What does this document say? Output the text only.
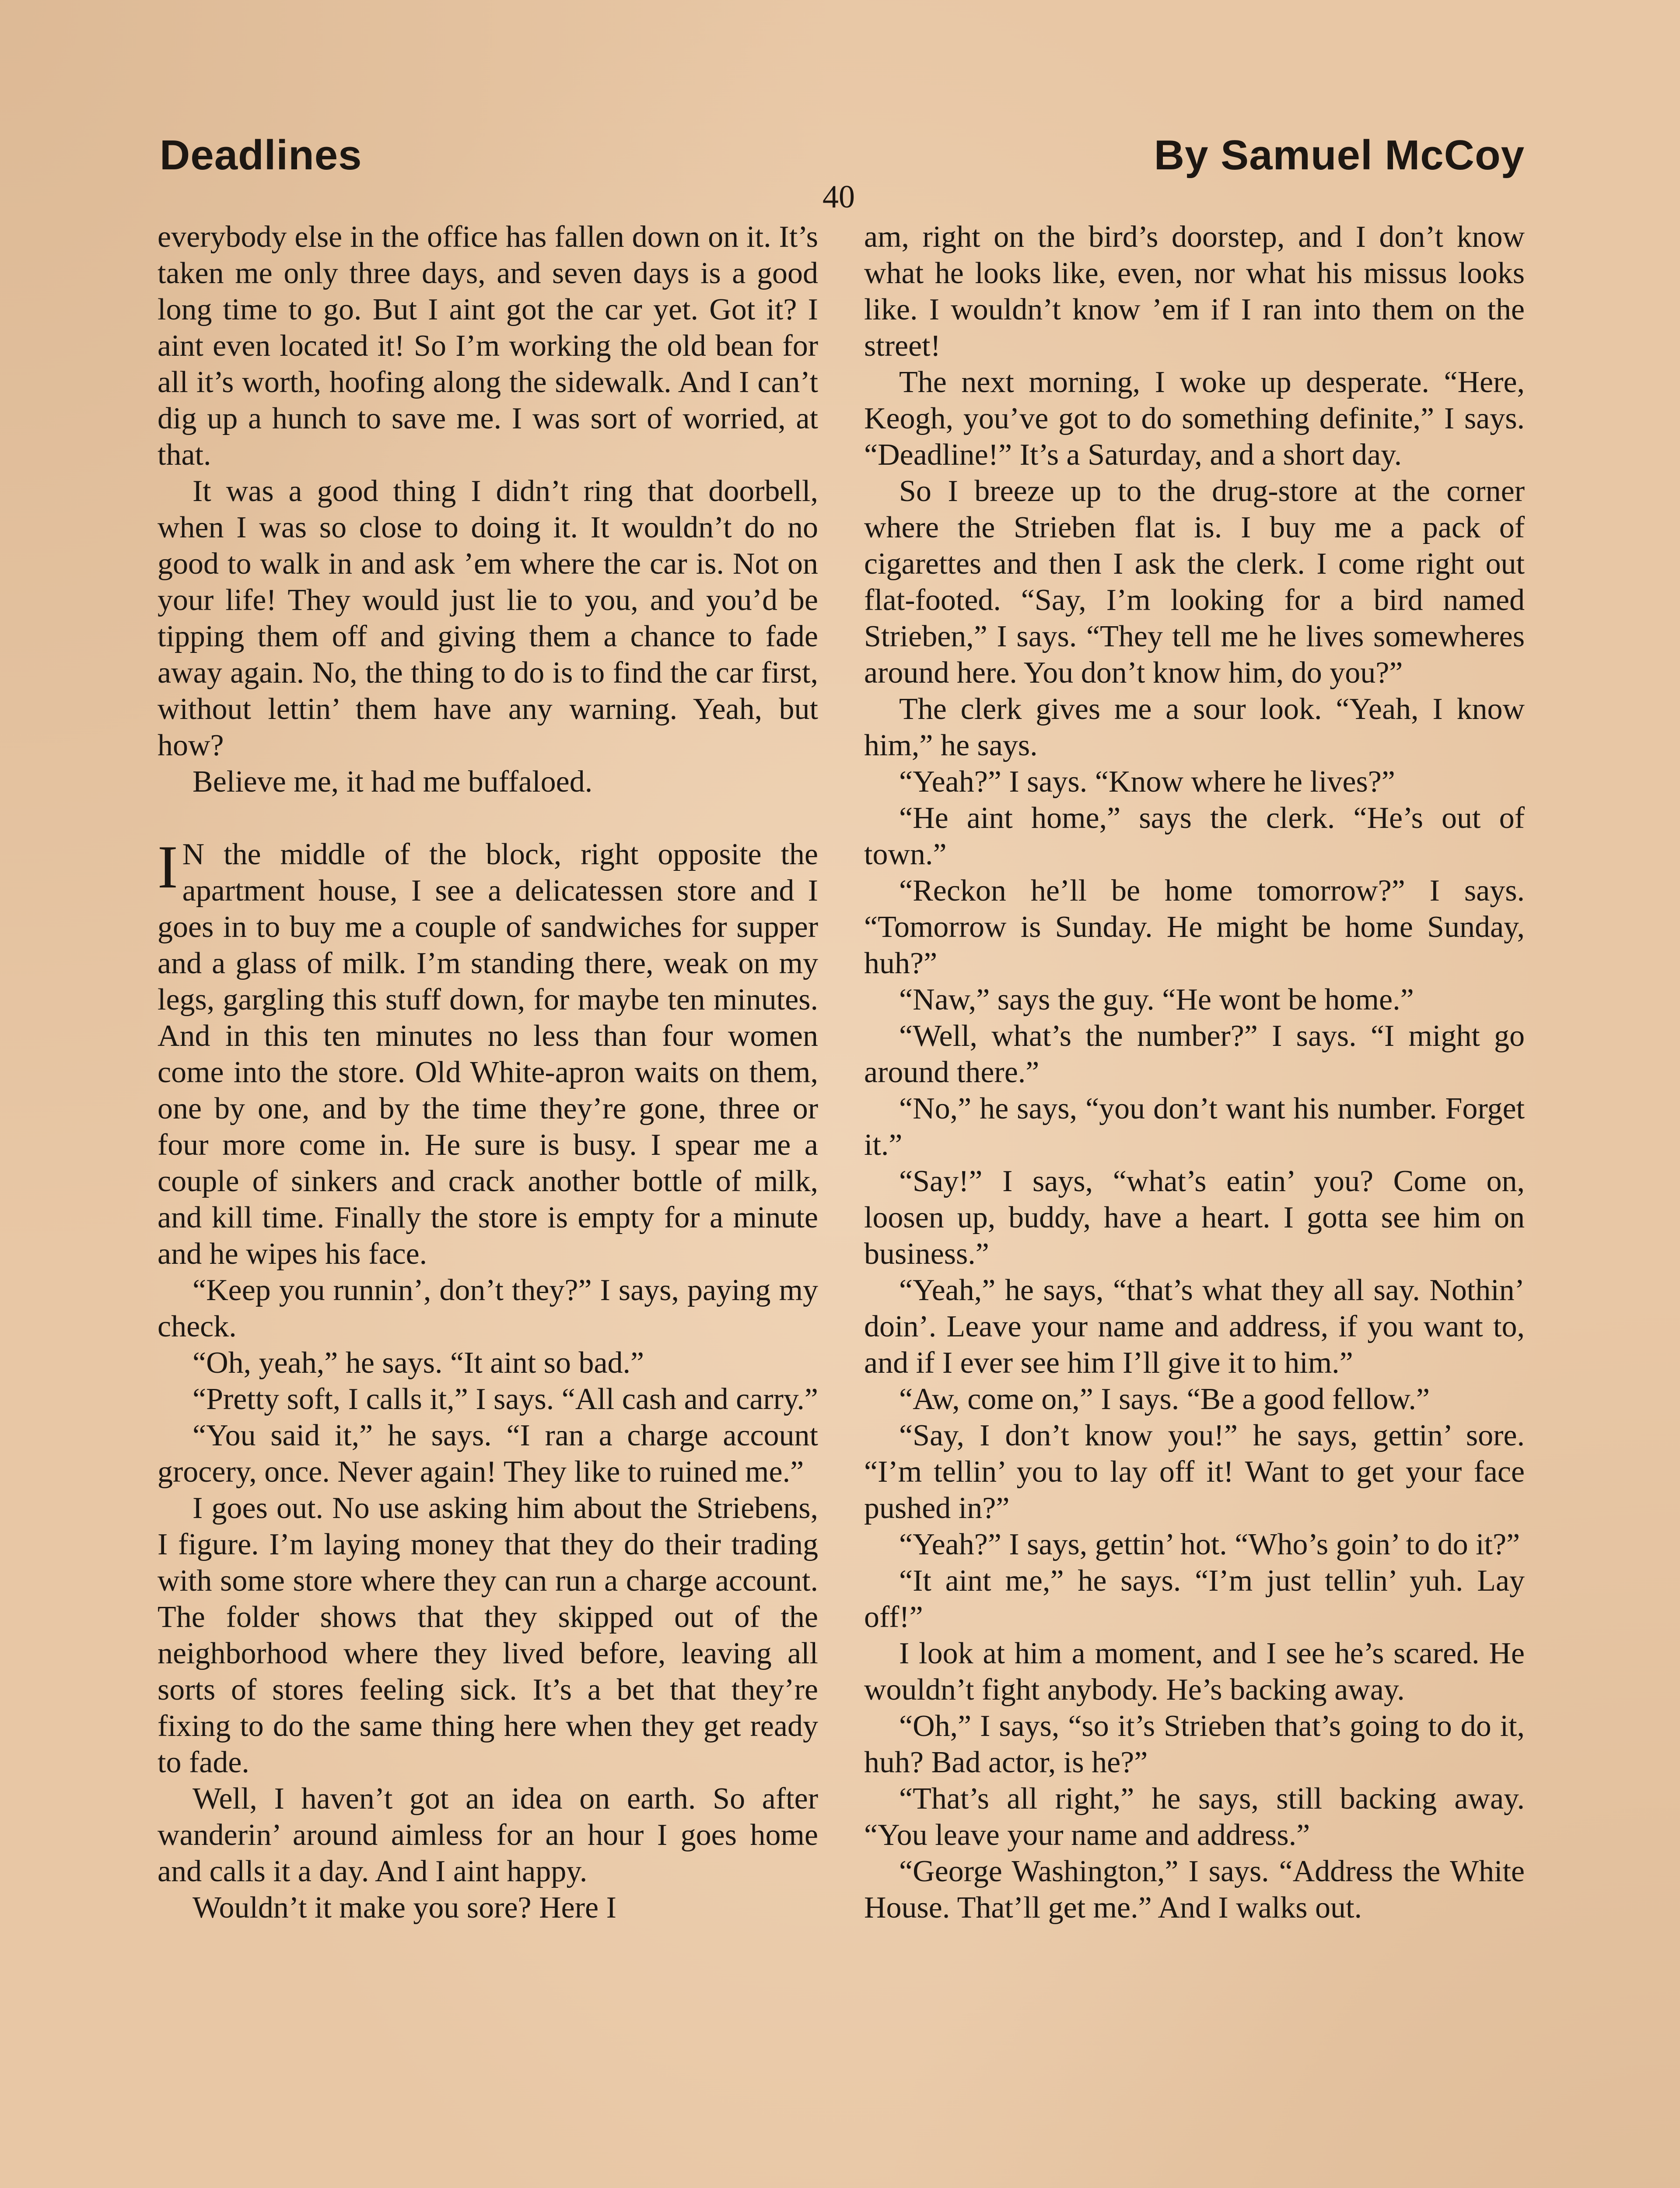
Deadlines	By Samuel McCoy
40

everybody else in the office has fallen down on it. It’s taken me only three days, and seven days is a good long time to go. But I aint got the car yet. Got it? I aint even located it! So I’m working the old bean for all it’s worth, hoofing along the sidewalk. And I can’t dig up a hunch to save me. I was sort of worried, at that.

It was a good thing I didn’t ring that doorbell, when I was so close to doing it. It wouldn’t do no good to walk in and ask ’em where the car is. Not on your life! They would just lie to you, and you’d be tipping them off and giving them a chance to fade away again. No, the thing to do is to find the car first, without lettin’ them have any warning. Yeah, but how?

Believe me, it had me buffaloed.

I N the middle of the block, right opposite the apartment house, I see a delicatessen store and I goes in to buy me a couple of sandwiches for supper and a glass of milk. I’m standing there, weak on my legs, gargling this stuff down, for maybe ten minutes. And in this ten minutes no less than four women come into the store. Old White-apron waits on them, one by one, and by the time they’re gone, three or four more come in. He sure is busy. I spear me a couple of sinkers and crack another bottle of milk, and kill time. Finally the store is empty for a minute and he wipes his face.

“Keep you runnin’, don’t they?” I says, paying my check.

“Oh, yeah,” he says. “It aint so bad.”

“Pretty soft, I calls it,” I says. “All cash and carry.”

“You said it,” he says. “I ran a charge account grocery, once. Never again! They like to ruined me.”

I goes out. No use asking him about the Striebens, I figure. I’m laying money that they do their trading with some store where they can run a charge account. The folder shows that they skipped out of the neighborhood where they lived before, leaving all sorts of stores feeling sick. It’s a bet that they’re fixing to do the same thing here when they get ready to fade.

Well, I haven’t got an idea on earth. So after wanderin’ around aimless for an hour I goes home and calls it a day. And I aint happy.

Wouldn’t it make you sore? Here I

am, right on the bird’s doorstep, and I don’t know what he looks like, even, nor what his missus looks like. I wouldn’t know ’em if I ran into them on the street!

The next morning, I woke up desperate. “Here, Keogh, you’ve got to do something definite,” I says. “Deadline!” It’s a Saturday, and a short day.

So I breeze up to the drug-store at the corner where the Strieben flat is. I buy me a pack of cigarettes and then I ask the clerk. I come right out flat-footed. “Say, I’m looking for a bird named Strieben,” I says. “They tell me he lives somewheres around here. You don’t know him, do you?”

The clerk gives me a sour look. “Yeah, I know him,” he says.

“Yeah?” I says. “Know where he lives?”

“He aint home,” says the clerk. “He’s out of town.”

“Reckon he’ll be home tomorrow?” I says. “Tomorrow is Sunday. He might be home Sunday, huh?”

“Naw,” says the guy. “He wont be home.”

“Well, what’s the number?” I says. “I might go around there.”

“No,” he says, “you don’t want his number. Forget it.”

“Say!” I says, “what’s eatin’ you? Come on, loosen up, buddy, have a heart. I gotta see him on business.”

“Yeah,” he says, “that’s what they all say. Nothin’ doin’. Leave your name and address, if you want to, and if I ever see him I’ll give it to him.”

“Aw, come on,” I says. “Be a good fellow.”

“Say, I don’t know you!” he says, gettin’ sore. “I’m tellin’ you to lay off it! Want to get your face pushed in?”

“Yeah?” I says, gettin’ hot. “Who’s goin’ to do it?”

“It aint me,” he says. “I’m just tellin’ yuh. Lay off!”

I look at him a moment, and I see he’s scared. He wouldn’t fight anybody. He’s backing away.

“Oh,” I says, “so it’s Strieben that’s going to do it, huh? Bad actor, is he?”

“That’s all right,” he says, still backing away. “You leave your name and address.”

“George Washington,” I says. “Address the White House. That’ll get me.” And I walks out.
